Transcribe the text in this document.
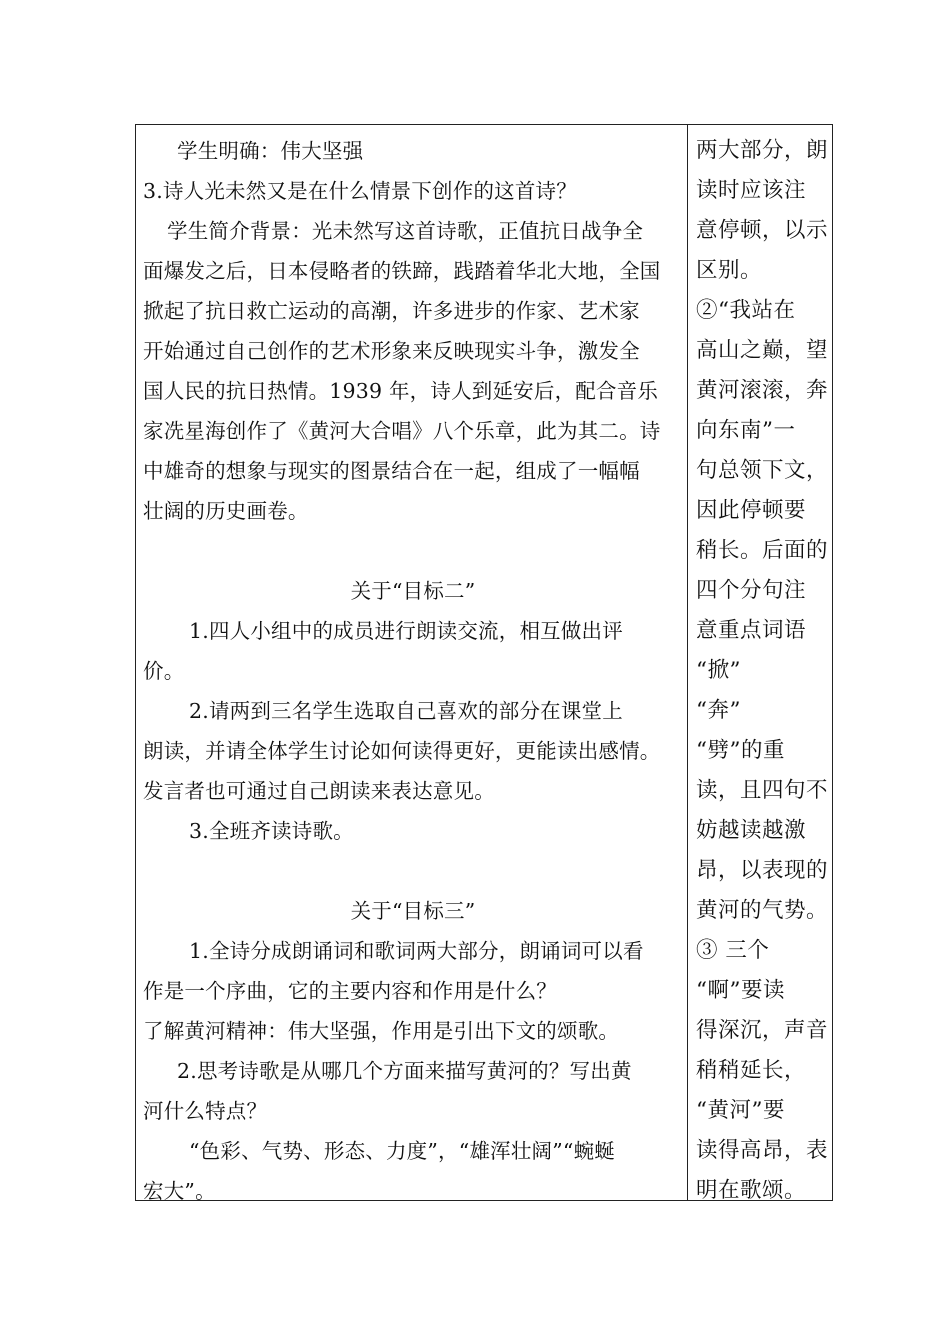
学生明确：伟大坚强
3.诗人光未然又是在什么情景下创作的这首诗？
学生简介背景：光未然写这首诗歌，正值抗日战争全
面爆发之后，日本侵略者的铁蹄，践踏着华北大地，全国
掀起了抗日救亡运动的高潮，许多进步的作家、艺术家
开始通过自己创作的艺术形象来反映现实斗争，激发全
国人民的抗日热情。1939 年，诗人到延安后，配合音乐
家冼星海创作了《黄河大合唱》八个乐章，此为其二。诗
中雄奇的想象与现实的图景结合在一起，组成了一幅幅
壮阔的历史画卷。
关于“目标二”
1.四人小组中的成员进行朗读交流，相互做出评
价。
2.请两到三名学生选取自己喜欢的部分在课堂上
朗读，并请全体学生讨论如何读得更好，更能读出感情。
发言者也可通过自己朗读来表达意见。
3.全班齐读诗歌。
关于“目标三”
1.全诗分成朗诵词和歌词两大部分，朗诵词可以看
作是一个序曲，它的主要内容和作用是什么？
了解黄河精神：伟大坚强，作用是引出下文的颂歌。
2.思考诗歌是从哪几个方面来描写黄河的？写出黄
河什么特点？
“色彩、气势、形态、力度”，“雄浑壮阔”“蜿蜒
宏大”。
两大部分，朗
读时应该注
意停顿，以示
区别。
②“我站在
高山之巅，望
黄河滚滚，奔
向东南”一
句总领下文，
因此停顿要
稍长。后面的
四个分句注
意重点词语
“掀”
“奔”
“劈”的重
读，且四句不
妨越读越激
昂，以表现的
黄河的气势。
③ 三个
“啊”要读
得深沉，声音
稍稍延长，
“黄河”要
读得高昂，表
明在歌颂。
